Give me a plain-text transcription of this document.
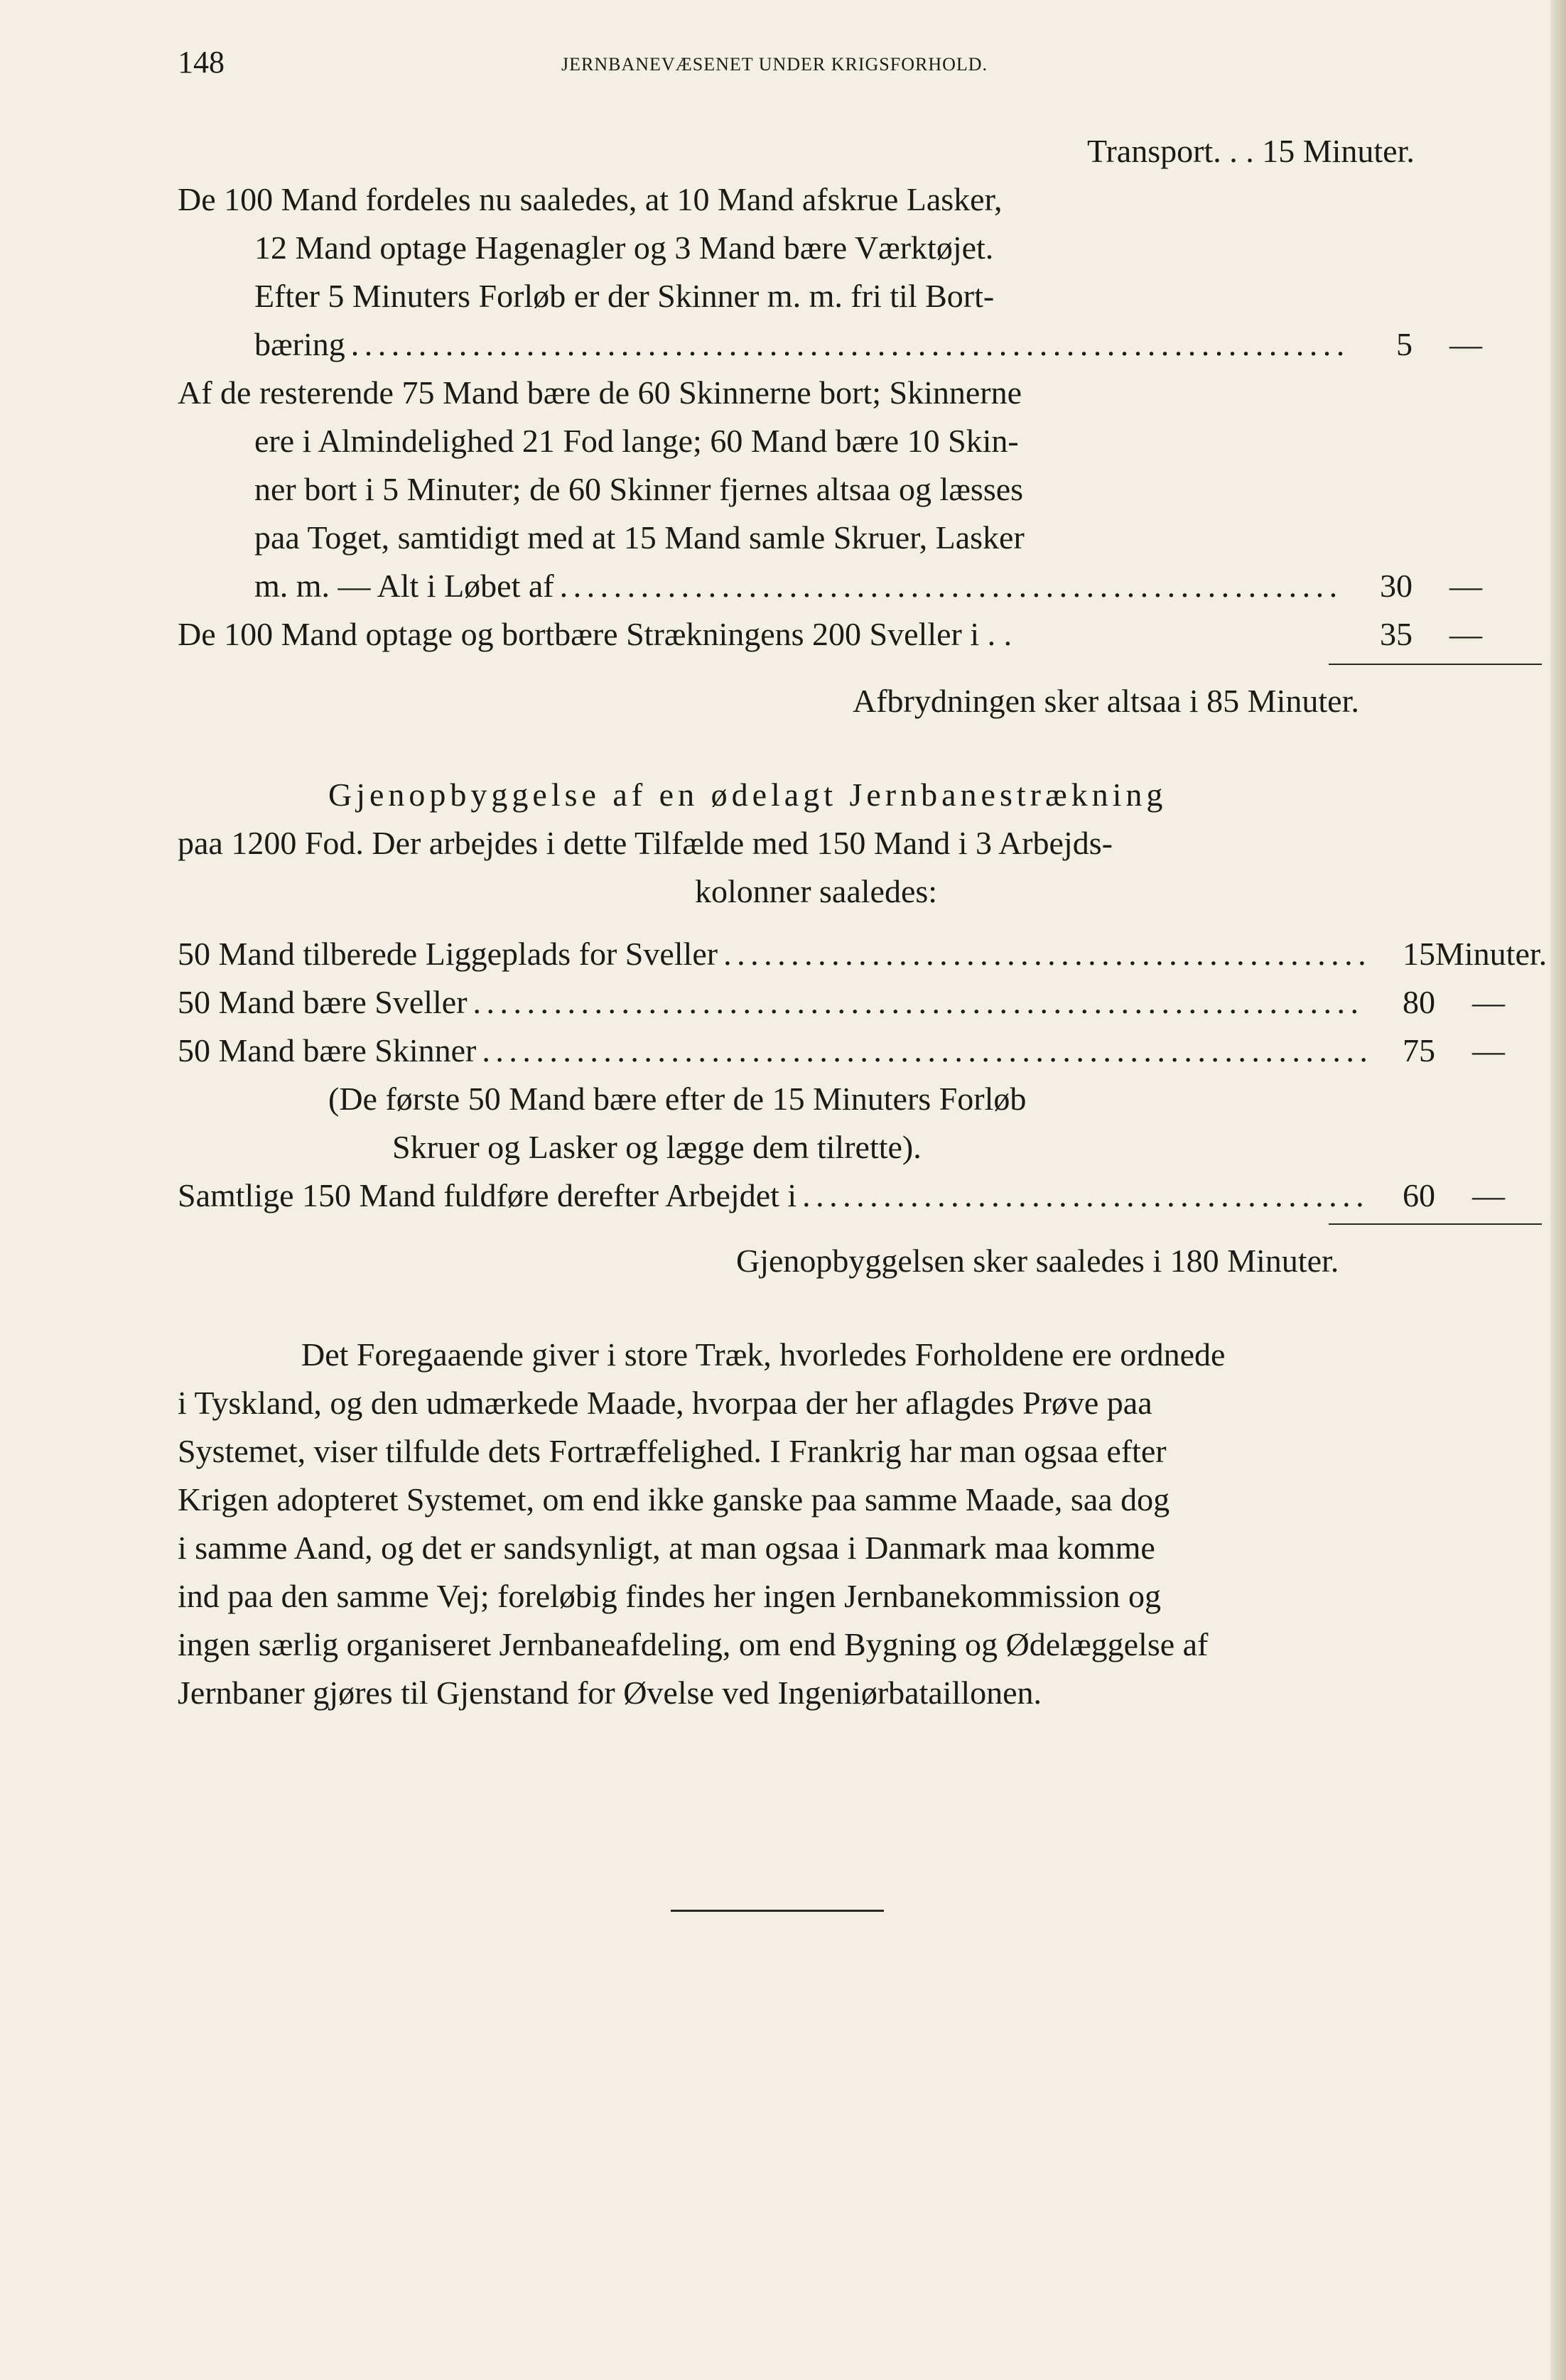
148	JERNBANEVÆSENET UNDER KRIGSFORHOLD.
Transport. . . 15 Minuter.
De 100 Mand fordeles nu saaledes, at 10 Mand afskrue Lasker,
12 Mand optage Hagenagler og 3 Mand bære Værktøjet.
Efter 5 Minuters Forløb er der Skinner m. m. fri til Bort-
bæring . . .	5	—
Af de resterende 75 Mand bære de 60 Skinnerne bort; Skinnerne
ere i Almindelighed 21 Fod lange; 60 Mand bære 10 Skin-
ner bort i 5 Minuter; de 60 Skinner fjernes altsaa og læsses
paa Toget, samtidigt med at 15 Mand samle Skruer, Lasker
m. m. — Alt i Løbet af . . .	30	—
De 100 Mand optage og bortbære Strækningens 200 Sveller i . .	35	—
Afbrydningen sker altsaa i 85 Minuter.
Gjenopbyggelse af en ødelagt Jernbanestrækning
paa 1200 Fod. Der arbejdes i dette Tilfælde med 150 Mand i 3 Arbejds-
kolonner saaledes:
50 Mand tilberede Liggeplads for Sveller . . .	15 Minuter.
50 Mand bære Sveller . . .	80	—
50 Mand bære Skinner . . .	75	—
(De første 50 Mand bære efter de 15 Minuters Forløb
Skruer og Lasker og lægge dem tilrette).
Samtlige 150 Mand fuldføre derefter Arbejdet i . . .	60	—
Gjenopbyggelsen sker saaledes i 180 Minuter.
Det Foregaaende giver i store Træk, hvorledes Forholdene ere ordnede
i Tyskland, og den udmærkede Maade, hvorpaa der her aflagdes Prøve paa
Systemet, viser tilfulde dets Fortræffelighed. I Frankrig har man ogsaa efter
Krigen adopteret Systemet, om end ikke ganske paa samme Maade, saa dog
i samme Aand, og det er sandsynligt, at man ogsaa i Danmark maa komme
ind paa den samme Vej; foreløbig findes her ingen Jernbanekommission og
ingen særlig organiseret Jernbaneafdeling, om end Bygning og Ødelæggelse af
Jernbaner gjøres til Gjenstand for Øvelse ved Ingeniørbataillonen.
